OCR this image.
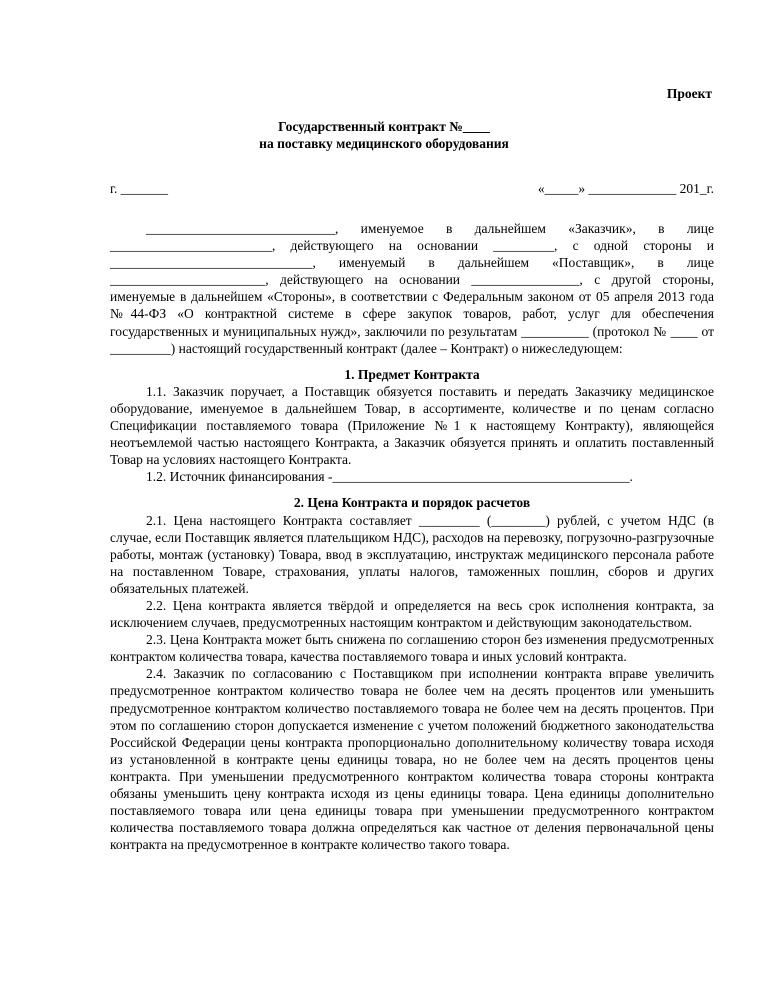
Проект
Государственный контракт №____
на поставку медицинского оборудования
г. _______	«_____» _____________ 201_г.

____________________________, именуемое в дальнейшем «Заказчик», в лице ________________________, действующего на основании _________, с одной стороны и ______________________________, именуемый в дальнейшем «Поставщик», в лице _______________________, действующего на основании ________________, с другой стороны, именуемые в дальнейшем «Стороны», в соответствии с Федеральным законом от 05 апреля 2013 года №44-ФЗ «О контрактной системе в сфере закупок товаров, работ, услуг для обеспечения государственных и муниципальных нужд», заключили по результатам __________ (протокол № ____ от _________) настоящий государственный контракт (далее – Контракт) о нижеследующем:

1. Предмет Контракта

1.1. Заказчик поручает, а Поставщик обязуется поставить и передать Заказчику медицинское оборудование, именуемое в дальнейшем Товар, в ассортименте, количестве и по ценам согласно Спецификации поставляемого товара (Приложение №1 к настоящему Контракту), являющейся неотъемлемой частью настоящего Контракта, а Заказчик обязуется принять и оплатить поставленный Товар на условиях настоящего Контракта.

1.2. Источник финансирования -____________________________________________.

2. Цена Контракта и порядок расчетов

2.1. Цена настоящего Контракта составляет _________ (________) рублей, с учетом НДС (в случае, если Поставщик является плательщиком НДС), расходов на перевозку, погрузочно-разгрузочные работы, монтаж (установку) Товара, ввод в эксплуатацию, инструктаж медицинского персонала работе на поставленном Товаре, страхования, уплаты налогов, таможенных пошлин, сборов и других обязательных платежей.

2.2. Цена контракта является твёрдой и определяется на весь срок исполнения контракта, за исключением случаев, предусмотренных настоящим контрактом и действующим законодательством.

2.3. Цена Контракта может быть снижена по соглашению сторон без изменения предусмотренных контрактом количества товара, качества поставляемого товара и иных условий контракта.

2.4. Заказчик по согласованию с Поставщиком при исполнении контракта вправе увеличить предусмотренное контрактом количество товара не более чем на десять процентов или уменьшить предусмотренное контрактом количество поставляемого товара не более чем на десять процентов. При этом по соглашению сторон допускается изменение с учетом положений бюджетного законодательства Российской Федерации цены контракта пропорционально дополнительному количеству товара исходя из установленной в контракте цены единицы товара, но не более чем на десять процентов цены контракта. При уменьшении предусмотренного контрактом количества товара стороны контракта обязаны уменьшить цену контракта исходя из цены единицы товара. Цена единицы дополнительно поставляемого товара или цена единицы товара при уменьшении предусмотренного контрактом количества поставляемого товара должна определяться как частное от деления первоначальной цены контракта на предусмотренное в контракте количество такого товара.
